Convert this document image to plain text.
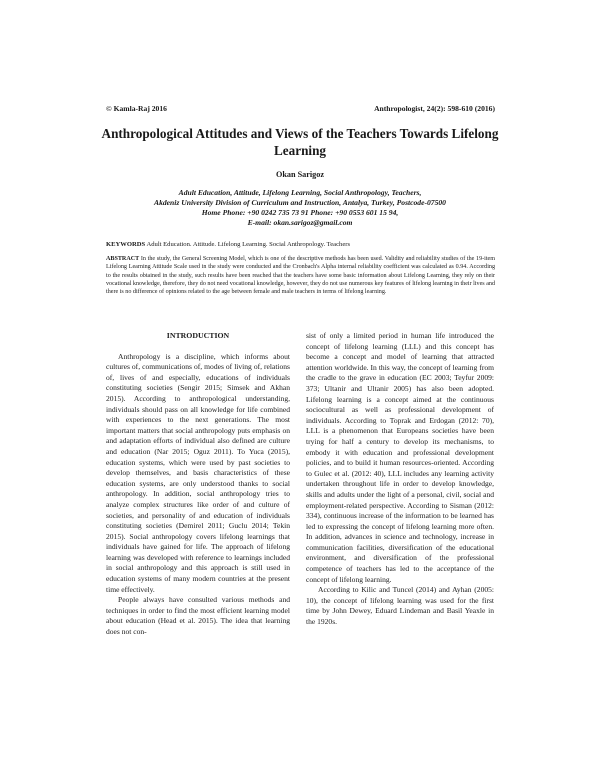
© Kamla-Raj 2016	Anthropologist, 24(2): 598-610 (2016)
Anthropological Attitudes and Views of the Teachers Towards Lifelong Learning
Okan Sarigoz
Adult Education, Attitude, Lifelong Learning, Social Anthropology, Teachers,
Akdeniz University Division of Curriculum and Instruction, Antalya, Turkey, Postcode-07500
Home Phone: +90 0242 735 73 91 Phone: +90 0553 601 15 94,
E-mail: okan.sarigoz@gmail.com
KEYWORDS Adult Education. Attitude. Lifelong Learning. Social Anthropology. Teachers
ABSTRACT In the study, the General Screening Model, which is one of the descriptive methods has been used. Validity and reliability studies of the 19-item Lifelong Learning Attitude Scale used in the study were conducted and the Cronbach's Alpha internal reliability coefficient was calculated as 0.94. According to the results obtained in the study, such results have been reached that the teachers have some basic information about Lifelong Learning, they rely on their vocational knowledge, therefore, they do not need vocational knowledge, however, they do not use numerous key features of lifelong learning in their lives and there is no difference of opinions related to the age between female and male teachers in terms of lifelong learning.
INTRODUCTION

Anthropology is a discipline, which informs about cultures of, communications of, modes of living of, relations of, lives of and especially, educations of individuals constituting societies (Sengir 2015; Simsek and Akhan 2015). According to anthropological understanding, individuals should pass on all knowledge for life combined with experiences to the next generations. The most important matters that social anthropology puts emphasis on and adaptation efforts of individual also defined are culture and education (Nar 2015; Oguz 2011). To Yuca (2015), education systems, which were used by past societies to develop themselves, and basis characteristics of these education systems, are only understood thanks to social anthropology. In addition, social anthropology tries to analyze complex structures like order of and culture of societies, and personality of and education of individuals constituting societies (Demirel 2011; Guclu 2014; Tekin 2015). Social anthropology covers lifelong learnings that individuals have gained for life. The approach of lifelong learning was developed with reference to learnings included in social anthropology and this approach is still used in education systems of many modern countries at the present time effectively.

People always have consulted various methods and techniques in order to find the most efficient learning model about education (Head et al. 2015). The idea that learning does not con-

sist of only a limited period in human life introduced the concept of lifelong learning (LLL) and this concept has become a concept and model of learning that attracted attention worldwide. In this way, the concept of learning from the cradle to the grave in education (EC 2003; Teyfur 2009: 373; Ultanir and Ultanir 2005) has also been adopted. Lifelong learning is a concept aimed at the continuous sociocultural as well as professional development of individuals. According to Toprak and Erdogan (2012: 70), LLL is a phenomenon that Europeans societies have been trying for half a century to develop its mechanisms, to embody it with education and professional development policies, and to build it human resources-oriented. According to Gulec et al. (2012: 40), LLL includes any learning activity undertaken throughout life in order to develop knowledge, skills and adults under the light of a personal, civil, social and employment-related perspective. According to Sisman (2012: 334), continuous increase of the information to be learned has led to expressing the concept of lifelong learning more often. In addition, advances in science and technology, increase in communication facilities, diversification of the educational environment, and diversification of the professional competence of teachers has led to the acceptance of the concept of lifelong learning.

According to Kilic and Tuncel (2014) and Ayhan (2005: 10), the concept of lifelong learning was used for the first time by John Dewey, Eduard Lindeman and Basil Yeaxle in the 1920s.
